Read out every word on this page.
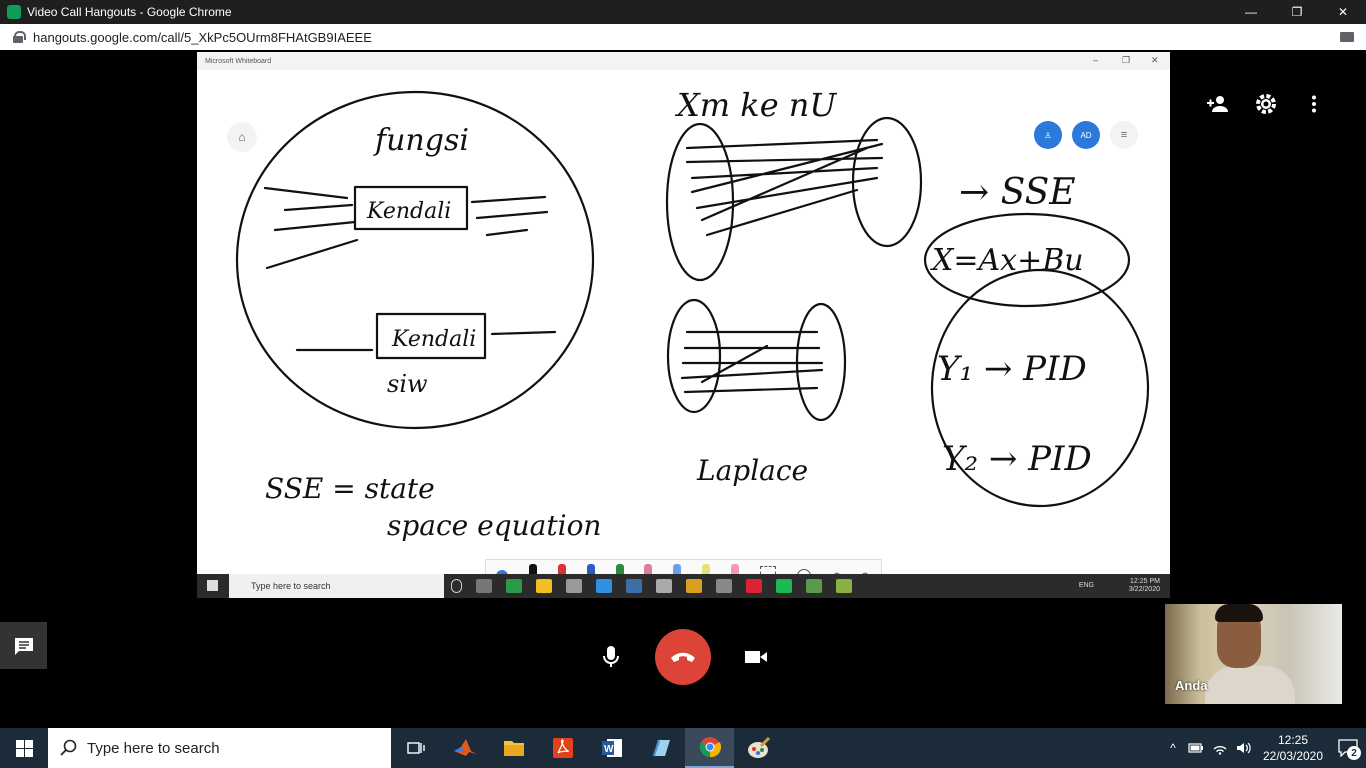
Video Call Hangouts - Google Chrome	—	❐	✕
hangouts.google.com/call/5_XkPc5OUrm8FHAtGB9IAEEE
Microsoft Whiteboard	–	❐ ✕
fungsi
Kendali
Kendali
siw
Xm ke nU
→ SSE
X=Ax+Bu
Y₁ → PID
Y₂ → PID
Laplace
SSE = state
space equation
⌂	♙	AD	≡
Type here to search	ENG
12:25 PM
3/22/2020
Anda
Type here to search	W	^
12:25
22/03/2020	2
